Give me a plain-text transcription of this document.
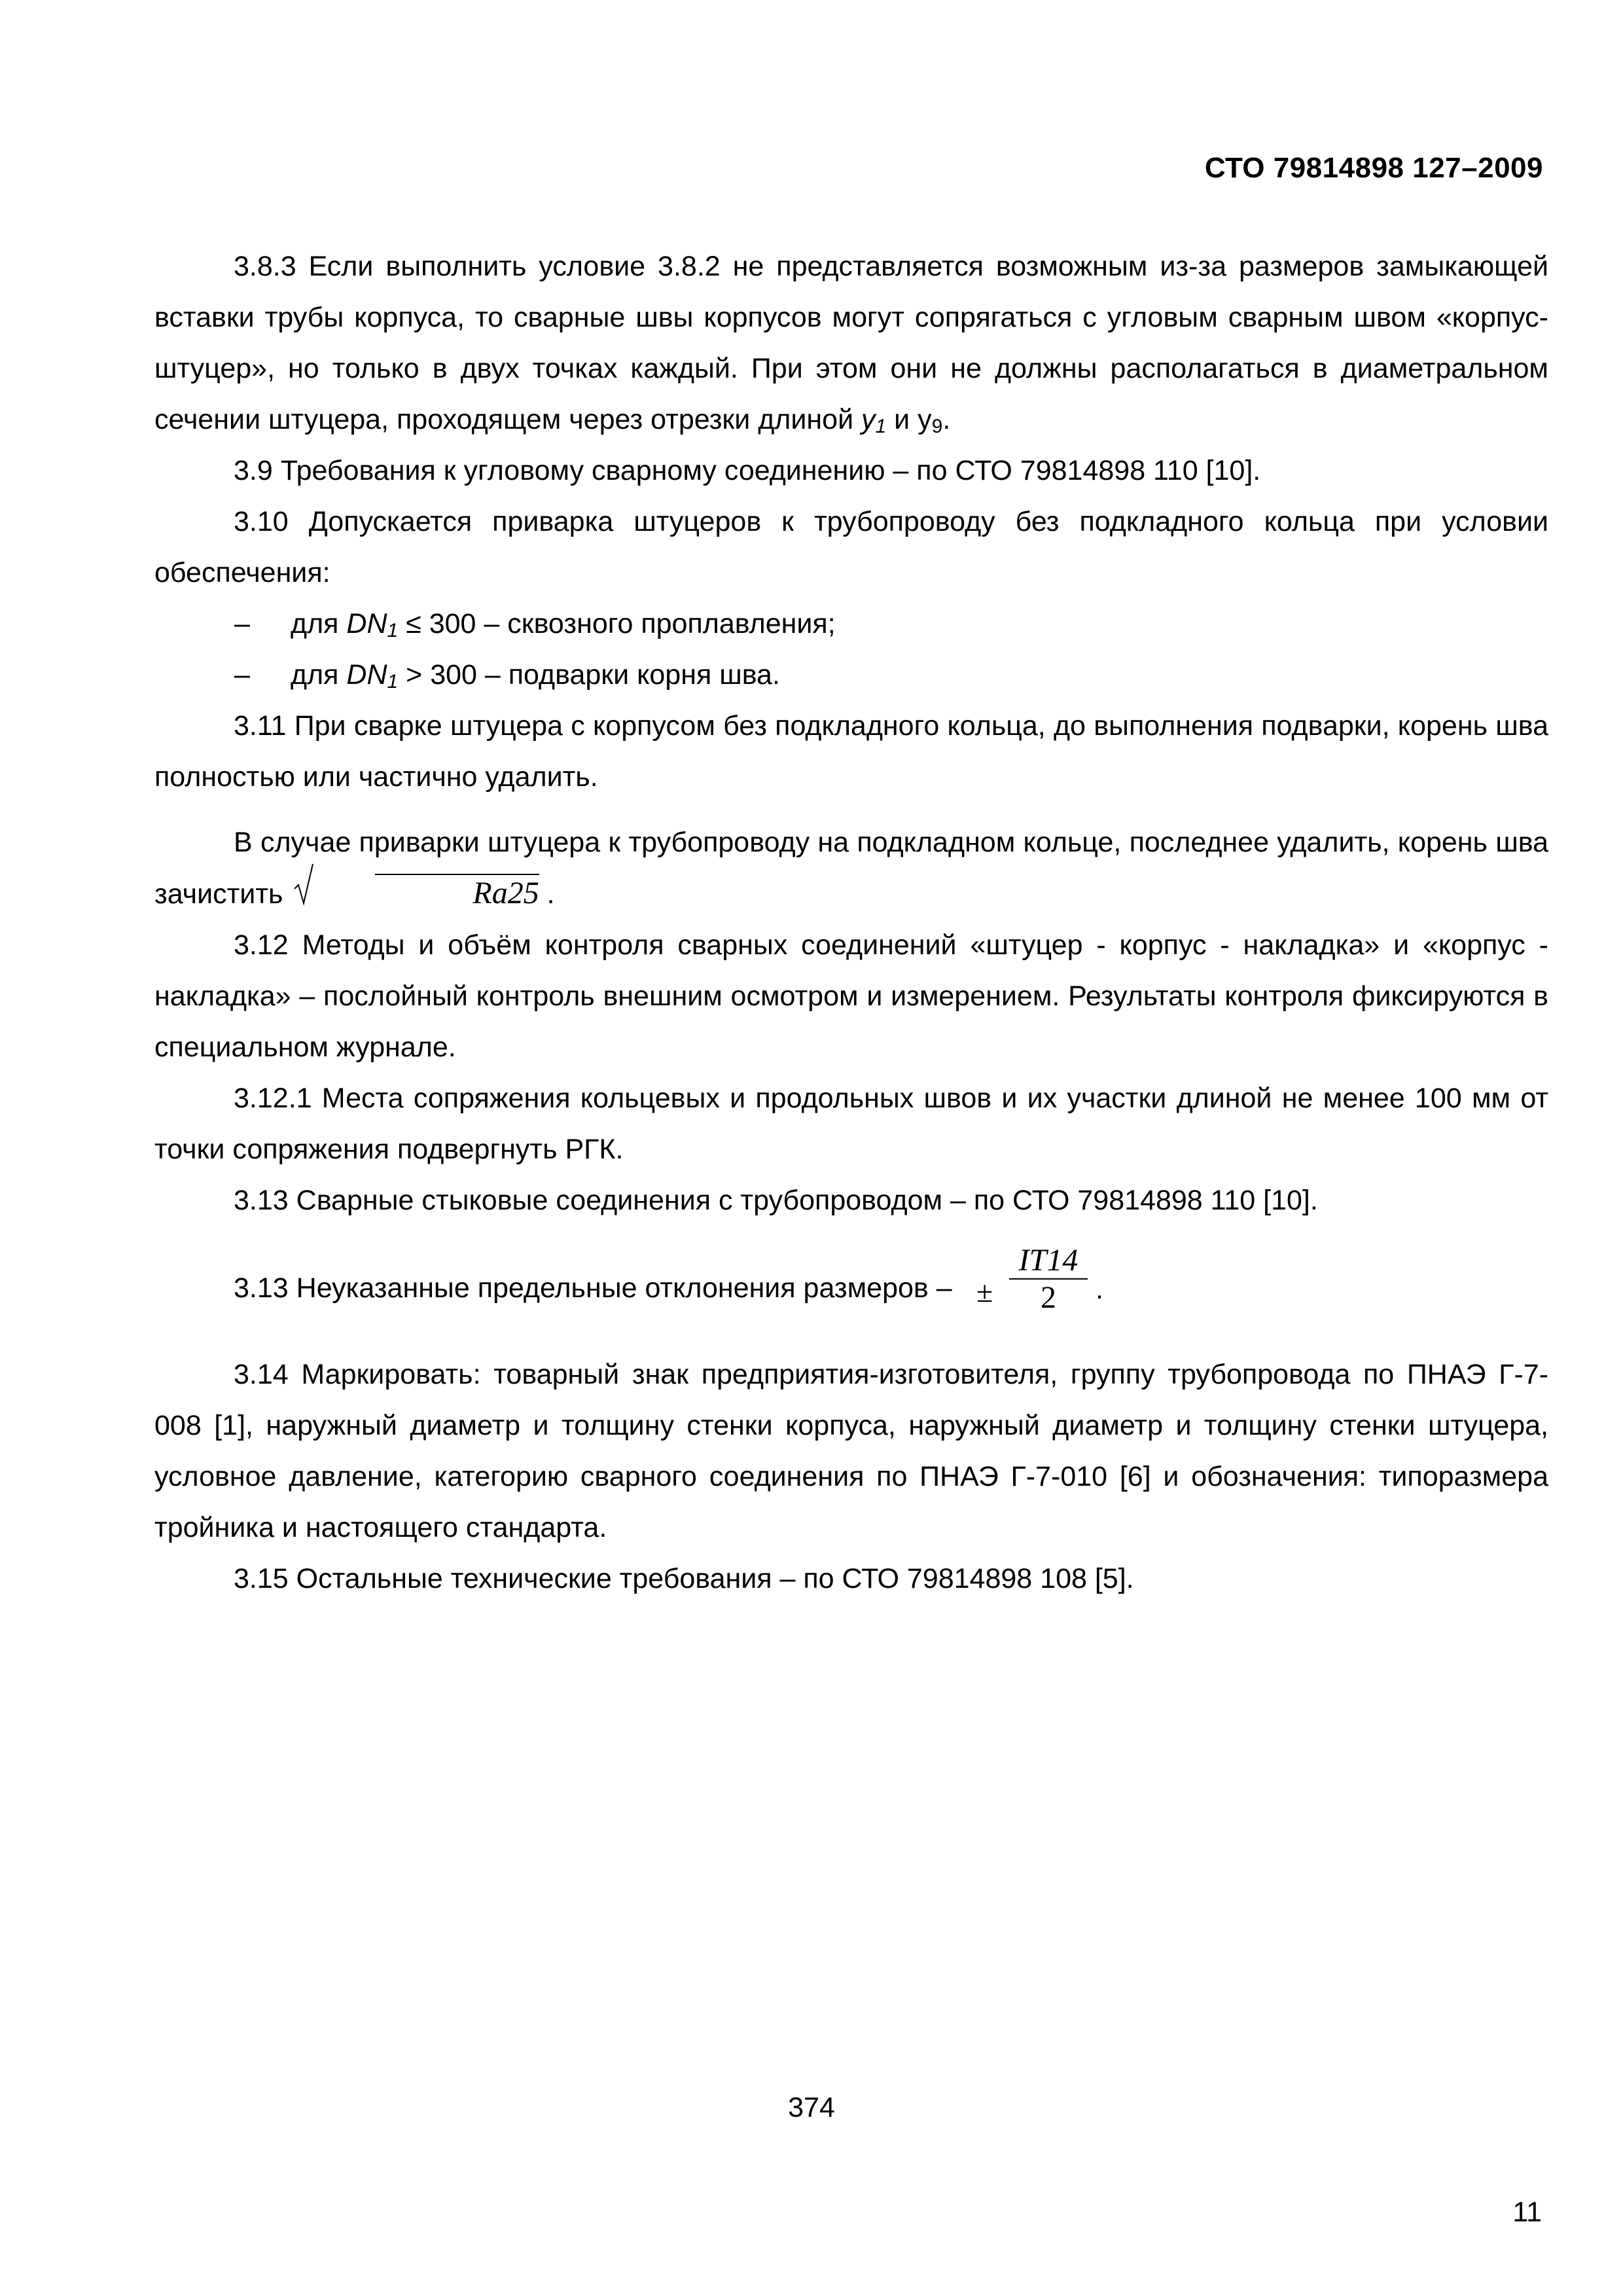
СТО 79814898 127–2009

3.8.3 Если выполнить условие 3.8.2 не представляется возможным из-за размеров замыкающей вставки трубы корпуса, то сварные швы корпусов могут сопрягаться с угловым сварным швом «корпус-штуцер», но только в двух точках каждый. При этом они не должны располагаться в диаметральном сечении штуцера, проходящем через отрезки длиной $y_1$ и $y_9$.

3.9 Требования к угловому сварному соединению – по СТО 79814898 110 [10].

3.10 Допускается приварка штуцеров к трубопроводу без подкладного кольца при условии обеспечения:

– для $DN_1 \le 300$ – сквозного проплавления;

– для $DN_1 > 300$ – подварки корня шва.

3.11 При сварке штуцера с корпусом без подкладного кольца, до выполнения подварки, корень шва полностью или частично удалить.

В случае приварки штуцера к трубопроводу на подкладном кольце, последнее удалить, корень шва зачистить	Ra25 .

3.12 Методы и объём контроля сварных соединений «штуцер - корпус - накладка» и «корпус - накладка» – послойный контроль внешним осмотром и измерением. Результаты контроля фиксируются в специальном журнале.

3.12.1 Места сопряжения кольцевых и продольных швов и их участки длиной не менее 100 мм от точки сопряжения подвергнуть РГК.

3.13 Сварные стыковые соединения с трубопроводом – по СТО 79814898 110 [10].

3.13 Неуказанные предельные отклонения размеров – ±
IT14
2	.

3.14 Маркировать: товарный знак предприятия-изготовителя, группу трубопровода по ПНАЭ Г-7-008 [1], наружный диаметр и толщину стенки корпуса, наружный диаметр и толщину стенки штуцера, условное давление, категорию сварного соединения по ПНАЭ Г-7-010 [6] и обозначения: типоразмера тройника и настоящего стандарта.

3.15 Остальные технические требования – по СТО 79814898 108 [5].

374
11
